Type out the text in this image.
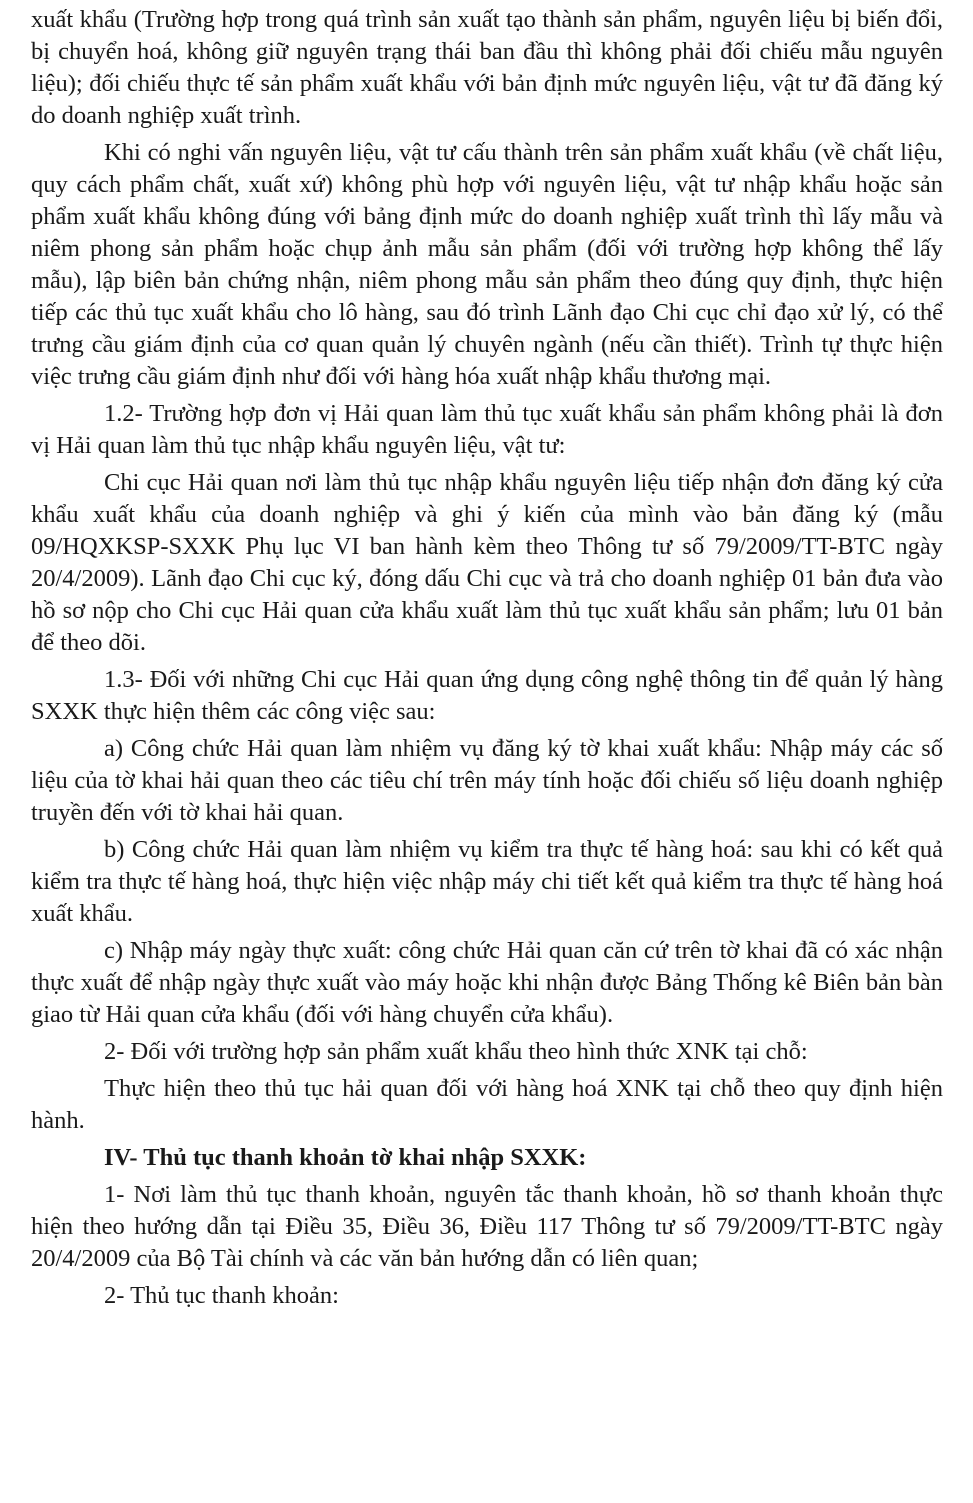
xuất khẩu (Trường hợp trong quá trình sản xuất tạo thành sản phẩm, nguyên liệu bị biến đổi, bị chuyển hoá, không giữ nguyên trạng thái ban đầu thì không phải đối chiếu mẫu nguyên liệu); đối chiếu thực tế sản phẩm xuất khẩu với bản định mức nguyên liệu, vật tư đã đăng ký do doanh nghiệp xuất trình.

Khi có nghi vấn nguyên liệu, vật tư cấu thành trên sản phẩm xuất khẩu (về chất liệu, quy cách phẩm chất, xuất xứ) không phù hợp với nguyên liệu, vật tư nhập khẩu hoặc sản phẩm xuất khẩu không đúng với bảng định mức do doanh nghiệp xuất trình thì lấy mẫu và niêm phong sản phẩm hoặc chụp ảnh mẫu sản phẩm (đối với trường hợp không thể lấy mẫu), lập biên bản chứng nhận, niêm phong mẫu sản phẩm theo đúng quy định, thực hiện tiếp các thủ tục xuất khẩu cho lô hàng, sau đó trình Lãnh đạo Chi cục chỉ đạo xử lý, có thể trưng cầu giám định của cơ quan quản lý chuyên ngành (nếu cần thiết). Trình tự thực hiện việc trưng cầu giám định như đối với hàng hóa xuất nhập khẩu thương mại.

1.2- Trường hợp đơn vị Hải quan làm thủ tục xuất khẩu sản phẩm không phải là đơn vị Hải quan làm thủ tục nhập khẩu nguyên liệu, vật tư:

Chi cục Hải quan nơi làm thủ tục nhập khẩu nguyên liệu tiếp nhận đơn đăng ký cửa khẩu xuất khẩu của doanh nghiệp và ghi ý kiến của mình vào bản đăng ký (mẫu 09/HQXKSP-SXXK Phụ lục VI ban hành kèm theo Thông tư số 79/2009/TT-BTC ngày 20/4/2009). Lãnh đạo Chi cục ký, đóng dấu Chi cục và trả cho doanh nghiệp 01 bản đưa vào hồ sơ nộp cho Chi cục Hải quan cửa khẩu xuất làm thủ tục xuất khẩu sản phẩm; lưu 01 bản để theo dõi.

1.3- Đối với những Chi cục Hải quan ứng dụng công nghệ thông tin để quản lý hàng SXXK thực hiện thêm các công việc sau:

a) Công chức Hải quan làm nhiệm vụ đăng ký tờ khai xuất khẩu: Nhập máy các số liệu của tờ khai hải quan theo các tiêu chí trên máy tính hoặc đối chiếu số liệu doanh nghiệp truyền đến với tờ khai hải quan.

b) Công chức Hải quan làm nhiệm vụ kiểm tra thực tế hàng hoá: sau khi có kết quả kiểm tra thực tế hàng hoá, thực hiện việc nhập máy chi tiết kết quả kiểm tra thực tế hàng hoá xuất khẩu.

c) Nhập máy ngày thực xuất: công chức Hải quan căn cứ trên tờ khai đã có xác nhận thực xuất để nhập ngày thực xuất vào máy hoặc khi nhận được Bảng Thống kê Biên bản bàn giao từ Hải quan cửa khẩu (đối với hàng chuyển cửa khẩu).

2- Đối với trường hợp sản phẩm xuất khẩu theo hình thức XNK tại chỗ:

Thực hiện theo thủ tục hải quan đối với hàng hoá XNK tại chỗ theo quy định hiện hành.

IV- Thủ tục thanh khoản tờ khai nhập SXXK:

1- Nơi làm thủ tục thanh khoản, nguyên tắc thanh khoản, hồ sơ thanh khoản thực hiện theo hướng dẫn tại Điều 35, Điều 36, Điều 117 Thông tư số 79/2009/TT-BTC ngày 20/4/2009 của Bộ Tài chính và các văn bản hướng dẫn có liên quan;

2- Thủ tục thanh khoản:
